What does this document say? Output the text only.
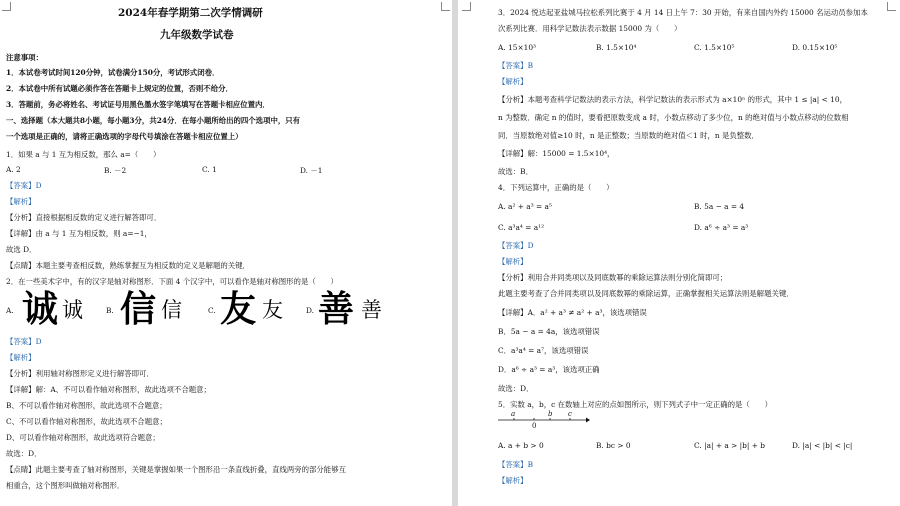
2024年春学期第二次学情调研
九年级数学试卷
注意事项：
1．本试卷考试时间120分钟，试卷满分150分，考试形式闭卷．
2．本试卷中所有试题必须作答在答题卡上规定的位置，否则不给分．
3．答题前，务必将姓名、考试证号用黑色墨水签字笔填写在答题卡相应位置内．
一、选择题（本大题共8小题，每小题3分，共24分．在每小题所给出的四个选项中，只有
一个选项是正确的，请将正确选项的字母代号填涂在答题卡相应位置上）
1．如果 a 与 1 互为相反数，那么 a=（　　）
A. 2	B. －2	C. 1	D. －1
【答案】D
【解析】
【分析】直接根据相反数的定义进行解答即可．
【详解】由 a 与 1 互为相反数，则 a=−1，
故选 D．
【点睛】本题主要考查相反数，熟练掌握互为相反数的定义是解题的关键．
2．在一些美术字中，有的汉字是轴对称图形．下面 4 个汉字中，可以看作是轴对称图形的是（　　）
A. 诚 诚	B. 信 信	C. 友 友	D. 善 善
【答案】D
【解析】
【分析】利用轴对称图形定义进行解答即可．
【详解】解：A、不可以看作轴对称图形，故此选项不合题意；
B、不可以看作轴对称图形，故此选项不合题意；
C、不可以看作轴对称图形，故此选项不合题意；
D、可以看作轴对称图形，故此选项符合题意；
故选：D．
【点睛】此题主要考查了轴对称图形，关键是掌握如果一个图形沿一条直线折叠，直线两旁的部分能够互
相重合，这个图形叫做轴对称图形．
3．2024 悦达起亚盐城马拉松系列比赛于 4 月 14 日上午 7：30 开始，有来自国内外约 15000 名运动员参加本
次系列比赛．用科学记数法表示数据 15000 为（　　）
A. 15×10³	B. 1.5×10⁴	C. 1.5×10⁵	D. 0.15×10⁵
【答案】B
【解析】
【分析】本题考查科学记数法的表示方法，科学记数法的表示形式为 a×10ⁿ 的形式，其中 1 ≤ |a| < 10，
n 为整数．确定 n 的值时，要看把原数变成 a 时，小数点移动了多少位，n 的绝对值与小数点移动的位数相
同．当原数绝对值≥10 时，n 是正整数；当原数的绝对值＜1 时，n 是负整数．
【详解】解：15000 = 1.5×10⁴，
故选：B．
4．下列运算中，正确的是（　　）
A. a² + a³ = a⁵	B. 5a − a = 4
C. a³a⁴ = a¹²	D. a⁶ ÷ a³ = a³
【答案】D
【解析】
【分析】利用合并同类项以及同底数幂的乘除运算法则分别化简即可；
此题主要考查了合并同类项以及同底数幂的乘除运算，正确掌握相关运算法则是解题关键．
【详解】A．a² + a³ ≠ a² + a³，该选项错误
B．5a − a = 4a，该选项错误
C．a³a⁴ = a⁷，该选项错误
D．a⁶ ÷ a³ = a³，该选项正确
故选：D．
5．实数 a，b，c 在数轴上对应的点如图所示，则下列式子中一定正确的是（　　）
a	b c
0
A. a + b > 0	B. bc > 0	C. |a| + a > |b| + b	D. |a| < |b| < |c|
【答案】B
【解析】
